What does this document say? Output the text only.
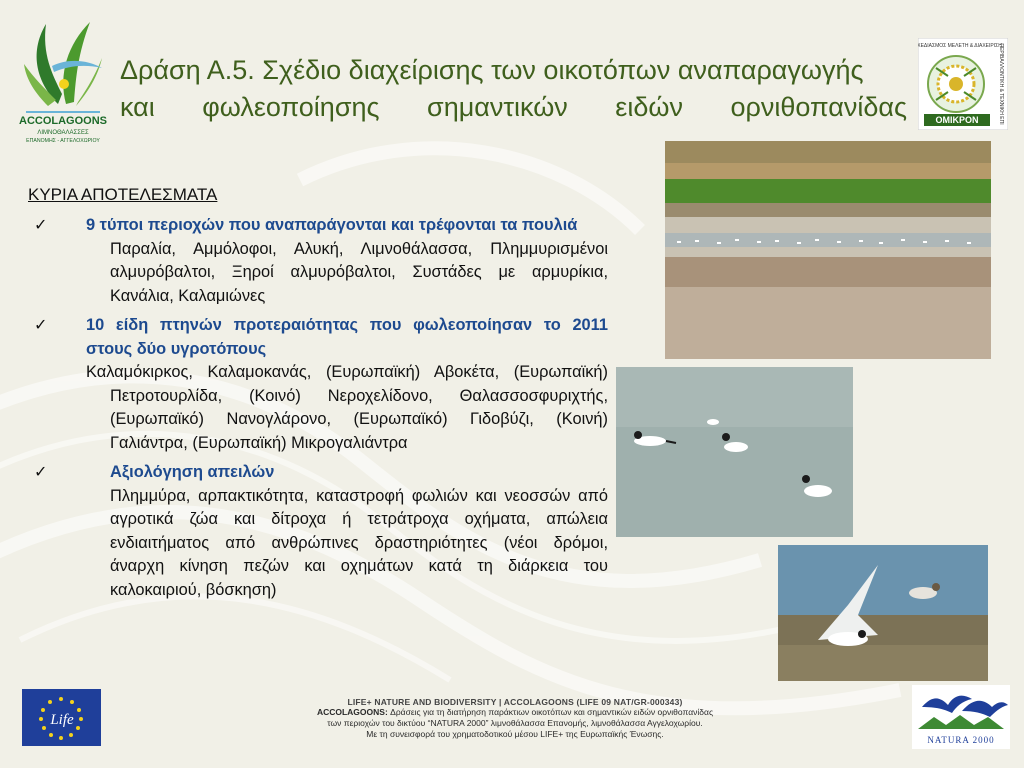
ACCOLAGOONS
ΛΙΜΝΟΘΑΛΑΣΣΕΣ
ΕΠΑΝΟΜΗΣ - ΑΓΓΕΛΟΧΩΡΙΟΥ
Δράση Α.5. Σχέδιο διαχείρισης των οικοτόπων αναπαραγωγής
και φωλεοποίησης σημαντικών ειδών ορνιθοπανίδας
ΣΧΕΔΙΑΣΜΟΣ ΜΕΛΕΤΗ & ΔΙΑΧΕΙΡΙΣΗ
ΟΜΙΚΡΟΝ	ΠΕΡΙΒΑΛΛΟΝΤΙΚΗ & ΤΕΧΝΙΚΗ ΕΠΙ
ΚΥΡΙΑ ΑΠΟΤΕΛΕΣΜΑΤΑ
✓ 9 τύποι περιοχών που αναπαράγονται και τρέφονται τα πουλιά
Παραλία, Αμμόλοφοι, Αλυκή, Λιμνοθάλασσα, Πλημμυρισμένοι αλμυρόβαλτοι, Ξηροί αλμυρόβαλτοι, Συστάδες με αρμυρίκια, Κανάλια, Καλαμιώνες
✓ 10 είδη πτηνών προτεραιότητας που φωλεοποίησαν το 2011 στους δύο υγροτόπους
Καλαμόκιρκος, Καλαμοκανάς, (Ευρωπαϊκή) Αβοκέτα, (Ευρωπαϊκή) Πετροτουρλίδα, (Κοινό) Νεροχελίδονο, Θαλασσοσφυριχτής, (Ευρωπαϊκό) Νανογλάρονο, (Ευρωπαϊκό) Γιδοβύζι, (Κοινή) Γαλιάντρα, (Ευρωπαϊκή) Μικρογαλιάντρα
✓	Αξιολόγηση απειλών
Πλημμύρα, αρπακτικότητα, καταστροφή φωλιών και νεοσσών από αγροτικά ζώα και δίτροχα ή τετράτροχα οχήματα, απώλεια ενδιαιτήματος από ανθρώπινες δραστηριότητες (νέοι δρόμοι, άναρχη κίνηση πεζών και οχημάτων κατά τη διάρκεια του καλοκαιριού, βόσκηση)
Life
LIFE+ NATURE AND BIODIVERSITY | ACCOLAGOONS (LIFE 09 NAT/GR-000343)
ACCOLAGOONS: Δράσεις για τη διατήρηση παράκτιων οικοτόπων και σημαντικών ειδών ορνιθοπανίδας
των περιοχών του δικτύου “NATURA 2000” λιμνοθάλασσα Επανομής, λιμνοθάλασσα Αγγελοχωρίου.
Με τη συνεισφορά του χρηματοδοτικού μέσου LIFE+ της Ευρωπαϊκής Ένωσης.
NATURA 2000
